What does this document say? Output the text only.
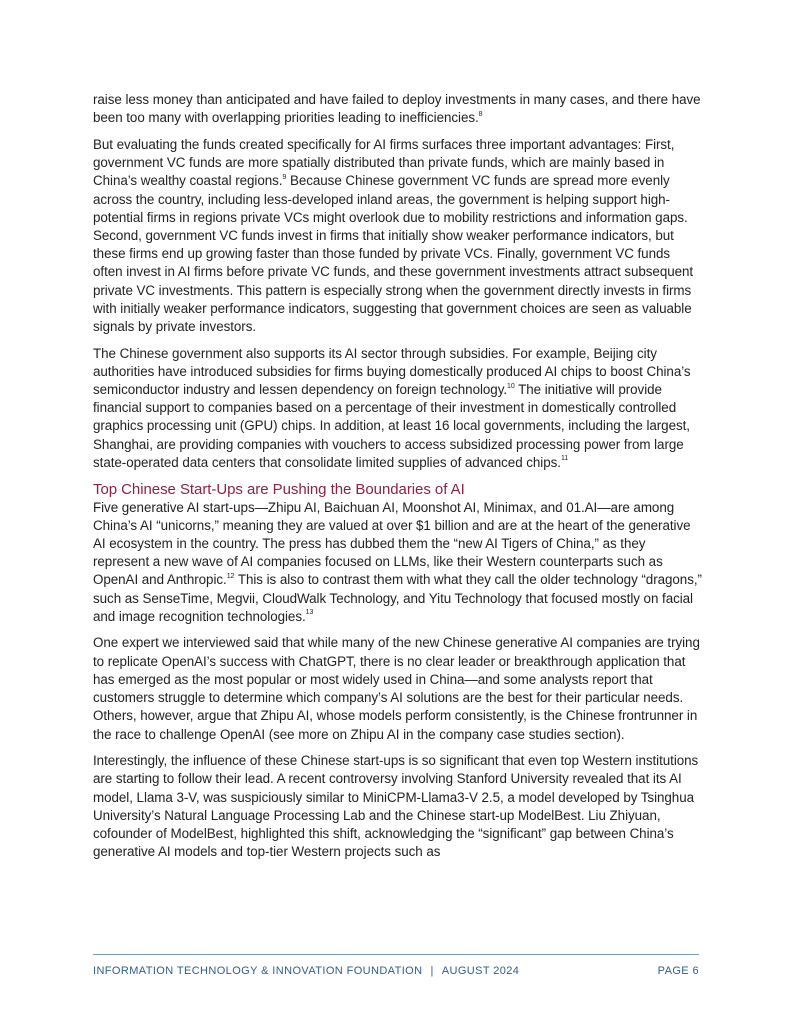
raise less money than anticipated and have failed to deploy investments in many cases, and there have been too many with overlapping priorities leading to inefficiencies.$^8$

But evaluating the funds created specifically for AI firms surfaces three important advantages: First, government VC funds are more spatially distributed than private funds, which are mainly based in China’s wealthy coastal regions.$^9$ Because Chinese government VC funds are spread more evenly across the country, including less-developed inland areas, the government is helping support high-potential firms in regions private VCs might overlook due to mobility restrictions and information gaps. Second, government VC funds invest in firms that initially show weaker performance indicators, but these firms end up growing faster than those funded by private VCs. Finally, government VC funds often invest in AI firms before private VC funds, and these government investments attract subsequent private VC investments. This pattern is especially strong when the government directly invests in firms with initially weaker performance indicators, suggesting that government choices are seen as valuable signals by private investors.

The Chinese government also supports its AI sector through subsidies. For example, Beijing city authorities have introduced subsidies for firms buying domestically produced AI chips to boost China’s semiconductor industry and lessen dependency on foreign technology.$^{10}$ The initiative will provide financial support to companies based on a percentage of their investment in domestically controlled graphics processing unit (GPU) chips. In addition, at least 16 local governments, including the largest, Shanghai, are providing companies with vouchers to access subsidized processing power from large state-operated data centers that consolidate limited supplies of advanced chips.$^{11}$

Top Chinese Start-Ups are Pushing the Boundaries of AI

Five generative AI start-ups—Zhipu AI, Baichuan AI, Moonshot AI, Minimax, and 01.AI—are among China’s AI “unicorns,” meaning they are valued at over $1 billion and are at the heart of the generative AI ecosystem in the country. The press has dubbed them the “new AI Tigers of China,” as they represent a new wave of AI companies focused on LLMs, like their Western counterparts such as OpenAI and Anthropic.$^{12}$ This is also to contrast them with what they call the older technology “dragons,” such as SenseTime, Megvii, CloudWalk Technology, and Yitu Technology that focused mostly on facial and image recognition technologies.$^{13}$

One expert we interviewed said that while many of the new Chinese generative AI companies are trying to replicate OpenAI’s success with ChatGPT, there is no clear leader or breakthrough application that has emerged as the most popular or most widely used in China—and some analysts report that customers struggle to determine which company’s AI solutions are the best for their particular needs. Others, however, argue that Zhipu AI, whose models perform consistently, is the Chinese frontrunner in the race to challenge OpenAI (see more on Zhipu AI in the company case studies section).

Interestingly, the influence of these Chinese start-ups is so significant that even top Western institutions are starting to follow their lead. A recent controversy involving Stanford University revealed that its AI model, Llama 3-V, was suspiciously similar to MiniCPM-Llama3-V 2.5, a model developed by Tsinghua University’s Natural Language Processing Lab and the Chinese start-up ModelBest. Liu Zhiyuan, cofounder of ModelBest, highlighted this shift, acknowledging the “significant” gap between China’s generative AI models and top-tier Western projects such as

INFORMATION TECHNOLOGY & INNOVATION FOUNDATION | AUGUST 2024	PAGE 6
